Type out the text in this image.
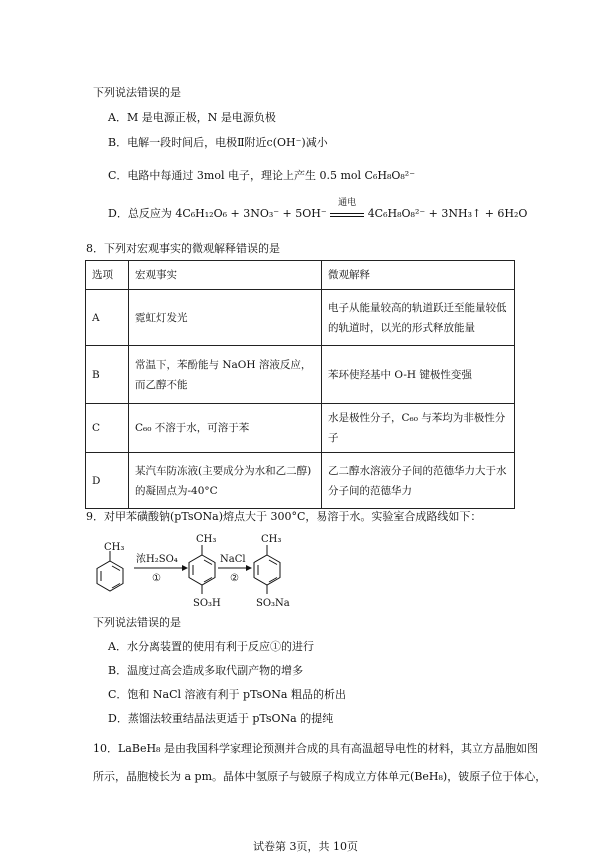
下列说法错误的是
A．M 是电源正极，N 是电源负极
B．电解一段时间后，电极Ⅱ附近c(OH⁻)减小
C．电路中每通过 3mol 电子，理论上产生 0.5 mol C₆H₈O₈²⁻
D．总反应为 4C₆H₁₂O₆ + 3NO₃⁻ + 5OH⁻
通电
4C₆H₈O₈²⁻ + 3NH₃↑ + 6H₂O
8．下列对宏观事实的微观解释错误的是
选项	宏观事实	微观解释
A	霓虹灯发光	电子从能量较高的轨道跃迁至能量较低的轨道时，以光的形式释放能量
B	常温下，苯酚能与 NaOH 溶液反应，而乙醇不能	苯环使羟基中 O-H 键极性变强
C	C₆₀ 不溶于水，可溶于苯	水是极性分子，C₆₀ 与苯均为非极性分子
D	某汽车防冻液(主要成分为水和乙二醇)的凝固点为-40°C	乙二醇水溶液分子间的范德华力大于水分子间的范德华力
9．对甲苯磺酸钠(pTsONa)熔点大于 300°C，易溶于水。实验室合成路线如下：
CH₃
浓H₂SO₄
①
CH₃
SO₃H
NaCl
②
CH₃
SO₃Na
下列说法错误的是
A．水分离装置的使用有利于反应①的进行
B．温度过高会造成多取代副产物的增多
C．饱和 NaCl 溶液有利于 pTsONa 粗品的析出
D．蒸馏法较重结晶法更适于 pTsONa 的提纯
10．LaBeH₈ 是由我国科学家理论预测并合成的具有高温超导电性的材料，其立方晶胞如图
所示，晶胞棱长为 a pm。晶体中氢原子与铍原子构成立方体单元(BeH₈)，铍原子位于体心，
试卷第 3页，共 10页
